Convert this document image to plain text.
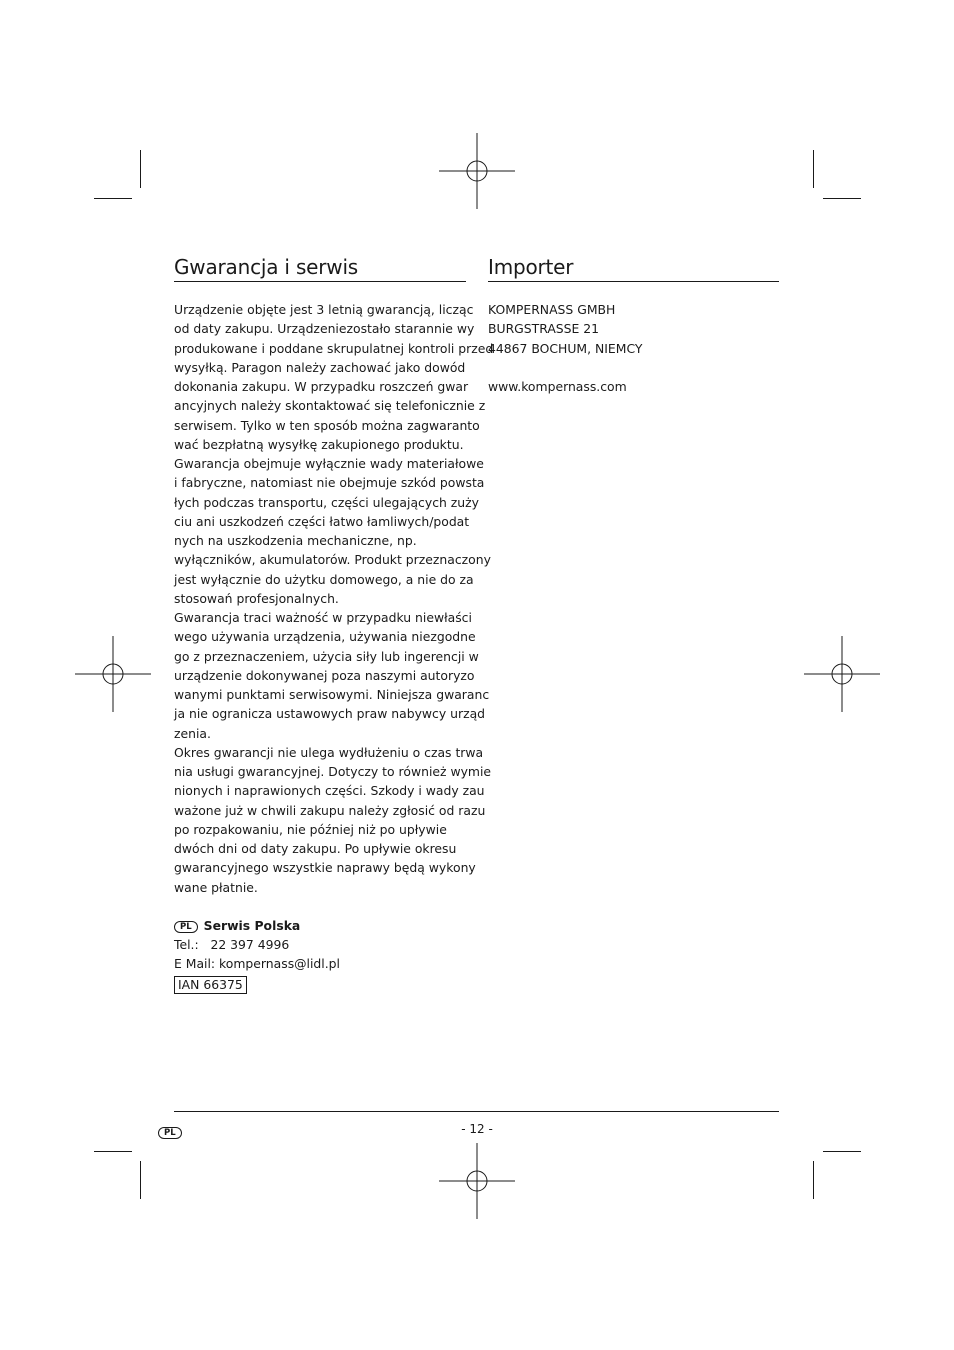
Gwarancja i serwis
Urządzenie objęte jest 3 letnią gwarancją, licząc
od daty zakupu. Urządzeniezostało starannie wy
produkowane i poddane skrupulatnej kontroli przed
wysyłką. Paragon należy zachować jako dowód
dokonania zakupu. W przypadku roszczeń gwar
ancyjnych należy skontaktować się telefonicznie z
serwisem. Tylko w ten sposób można zagwaranto
wać bezpłatną wysyłkę zakupionego produktu.
Gwarancja obejmuje wyłącznie wady materiałowe
i fabryczne, natomiast nie obejmuje szkód powsta
łych podczas transportu, części ulegających zuży
ciu ani uszkodzeń części łatwo łamliwych/podat
nych na uszkodzenia mechaniczne, np.
wyłączników, akumulatorów. Produkt przeznaczony
jest wyłącznie do użytku domowego, a nie do za
stosowań profesjonalnych.
Gwarancja traci ważność w przypadku niewłaści
wego używania urządzenia, używania niezgodne
go z przeznaczeniem, użycia siły lub ingerencji w
urządzenie dokonywanej poza naszymi autoryzo
wanymi punktami serwisowymi. Niniejsza gwaranc
ja nie ogranicza ustawowych praw nabywcy urząd
zenia.
Okres gwarancji nie ulega wydłużeniu o czas trwa
nia usługi gwarancyjnej. Dotyczy to również wymie
nionych i naprawionych części. Szkody i wady zau
ważone już w chwili zakupu należy zgłosić od razu
po rozpakowaniu, nie później niż po upływie
dwóch dni od daty zakupu. Po upływie okresu
gwarancyjnego wszystkie naprawy będą wykony
wane płatnie.
PL Serwis Polska
Tel.:   22 397 4996
E Mail: kompernass@lidl.pl
IAN 66375
Importer
KOMPERNASS GMBH
BURGSTRASSE 21
44867 BOCHUM, NIEMCY
www.kompernass.com
PL	- 12 -
